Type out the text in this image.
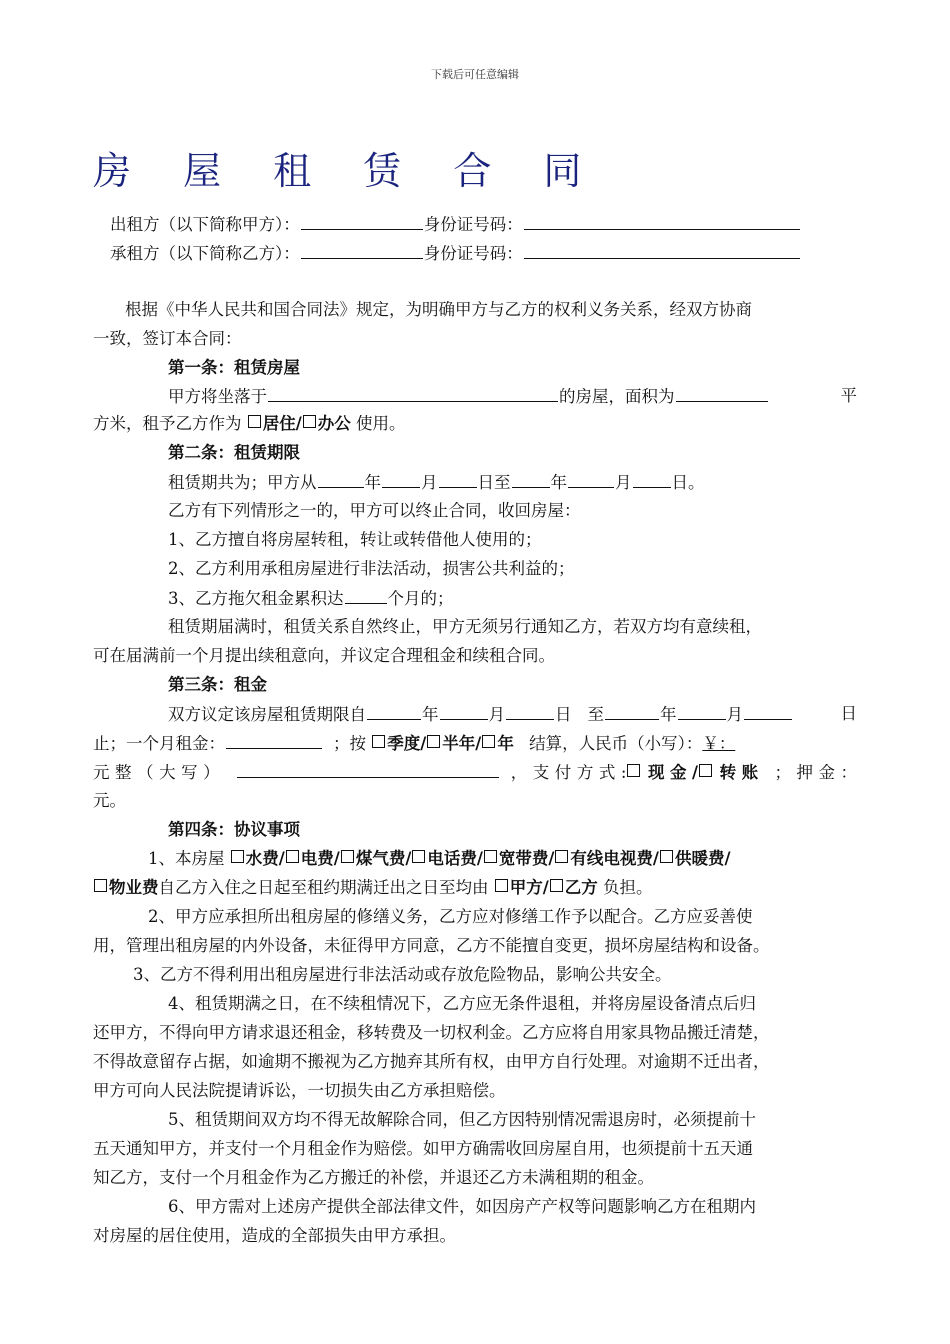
下载后可任意编辑
房 屋 租 赁 合 同
出租方（以下简称甲方）：	身份证号码：
承租方（以下简称乙方）：	身份证号码：
根据《中华人民共和国合同法》规定，为明确甲方与乙方的权利义务关系，经双方协商
一致，签订本合同：
第一条：租赁房屋
甲方将坐落于	的房屋，面积为	平
方米，租予乙方作为 居住/ 办公 使用。
第二条：租赁期限
租赁期共为；甲方从	年 月 日至 年	月 日。
乙方有下列情形之一的，甲方可以终止合同，收回房屋：
1、乙方擅自将房屋转租，转让或转借他人使用的；
2、乙方利用承租房屋进行非法活动，损害公共利益的；
3、乙方拖欠租金累积达	个月的；
租赁期届满时，租赁关系自然终止，甲方无须另行通知乙方，若双方均有意续租，
可在届满前一个月提出续租意向，并议定合理租金和续租合同。
第三条：租金
双方议定该房屋租赁期限自	年	月	日 至	年	月	日
止；一个月租金：	；按 季度/ 半年/ 年 结算，人民币（小写）：￥：
元整（大写）	，支付方式: 现金/ 转账 ；押金：
元。
第四条：协议事项
1、本房屋 水费/ 电费/ 煤气费/ 电话费/ 宽带费/ 有线电视费/ 供暖费/
物业费自乙方入住之日起至租约期满迁出之日至均由 甲方/ 乙方 负担。
2、甲方应承担所出租房屋的修缮义务，乙方应对修缮工作予以配合。乙方应妥善使
用，管理出租房屋的内外设备，未征得甲方同意，乙方不能擅自变更，损坏房屋结构和设备。
3、乙方不得利用出租房屋进行非法活动或存放危险物品，影响公共安全。
4、租赁期满之日，在不续租情况下，乙方应无条件退租，并将房屋设备清点后归
还甲方，不得向甲方请求退还租金，移转费及一切权利金。乙方应将自用家具物品搬迁清楚，
不得故意留存占据，如逾期不搬视为乙方抛弃其所有权，由甲方自行处理。对逾期不迁出者，
甲方可向人民法院提请诉讼，一切损失由乙方承担赔偿。
5、租赁期间双方均不得无故解除合同，但乙方因特别情况需退房时，必须提前十
五天通知甲方，并支付一个月租金作为赔偿。如甲方确需收回房屋自用，也须提前十五天通
知乙方，支付一个月租金作为乙方搬迁的补偿，并退还乙方未满租期的租金。
6、甲方需对上述房产提供全部法律文件，如因房产产权等问题影响乙方在租期内
对房屋的居住使用，造成的全部损失由甲方承担。
